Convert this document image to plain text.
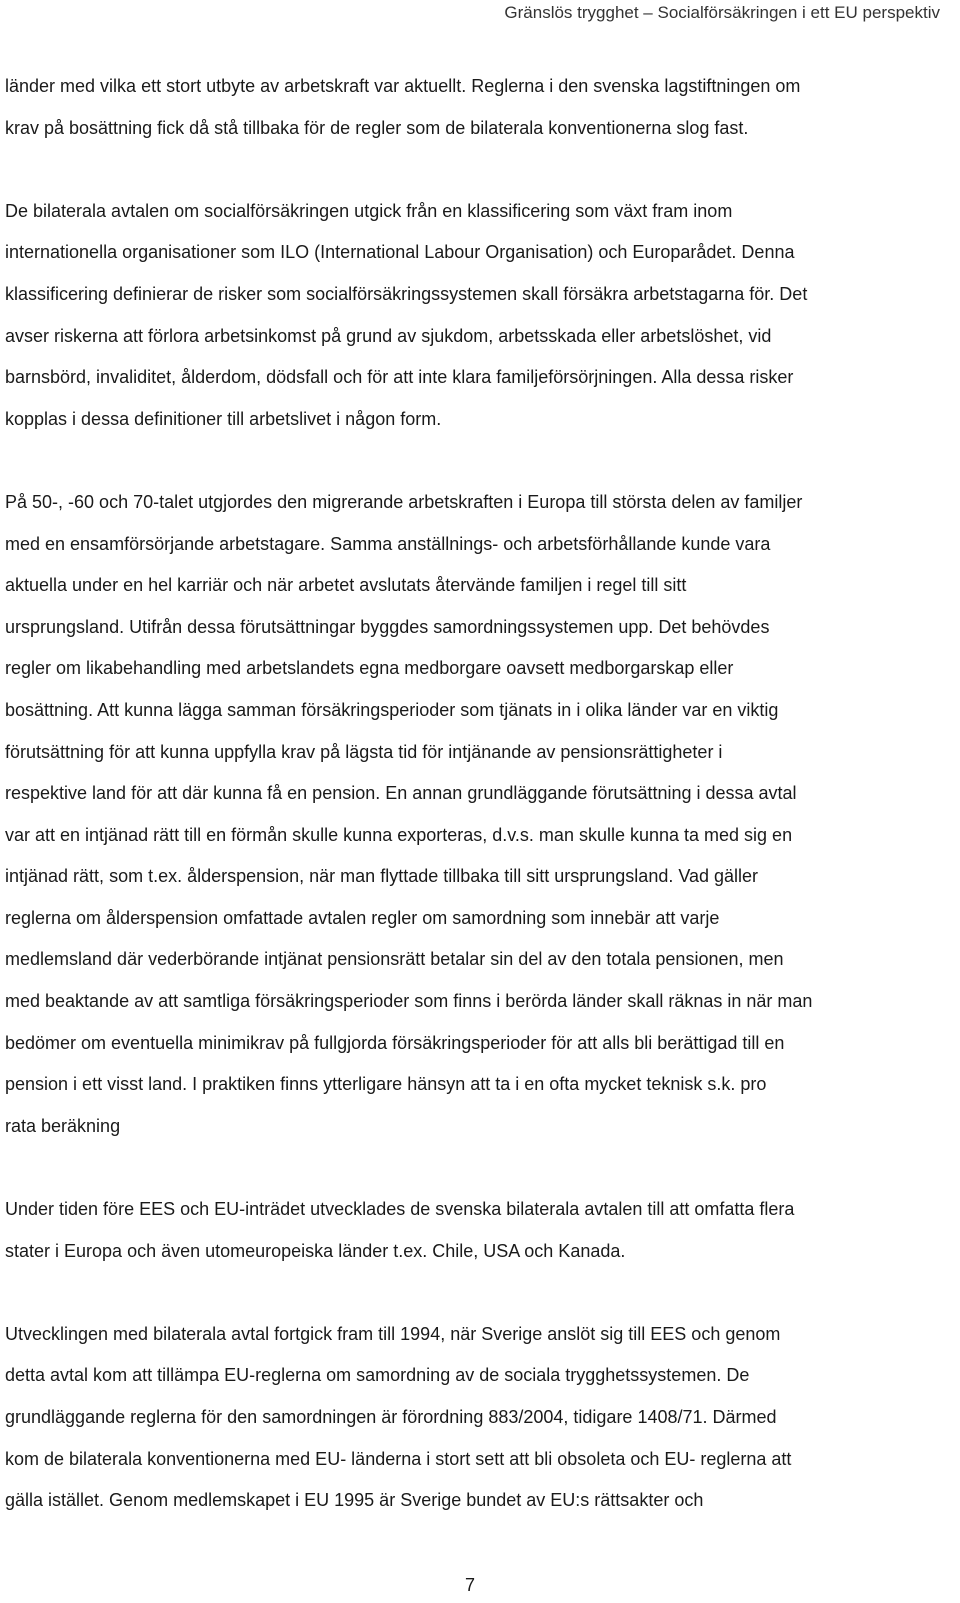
Gränslös trygghet – Socialförsäkringen i ett EU perspektiv
länder med vilka ett stort utbyte av arbetskraft var aktuellt. Reglerna i den svenska lagstiftningen om
krav på bosättning fick då stå tillbaka för de regler som de bilaterala konventionerna slog fast.
De bilaterala avtalen om socialförsäkringen utgick från en klassificering som växt fram inom
internationella organisationer som ILO (International Labour Organisation) och Europarådet. Denna
klassificering definierar de risker som socialförsäkringssystemen skall försäkra arbetstagarna för. Det
avser riskerna att förlora arbetsinkomst på grund av sjukdom, arbetsskada eller arbetslöshet, vid
barnsbörd, invaliditet, ålderdom, dödsfall och för att inte klara familjeförsörjningen. Alla dessa risker
kopplas i dessa definitioner till arbetslivet i någon form.
På 50-, -60 och 70-talet utgjordes den migrerande arbetskraften i Europa till största delen av familjer
med en ensamförsörjande arbetstagare. Samma anställnings- och arbetsförhållande kunde vara
aktuella under en hel karriär och när arbetet avslutats återvände familjen i regel till sitt
ursprungsland. Utifrån dessa förutsättningar byggdes samordningssystemen upp. Det behövdes
regler om likabehandling med arbetslandets egna medborgare oavsett medborgarskap eller
bosättning. Att kunna lägga samman försäkringsperioder som tjänats in i olika länder var en viktig
förutsättning för att kunna uppfylla krav på lägsta tid för intjänande av pensionsrättigheter i
respektive land för att där kunna få en pension. En annan grundläggande förutsättning i dessa avtal
var att en intjänad rätt till en förmån skulle kunna exporteras, d.v.s. man skulle kunna ta med sig en
intjänad rätt, som t.ex. ålderspension, när man flyttade tillbaka till sitt ursprungsland. Vad gäller
reglerna om ålderspension omfattade avtalen regler om samordning som innebär att varje
medlemsland där vederbörande intjänat pensionsrätt betalar sin del av den totala pensionen, men
med beaktande av att samtliga försäkringsperioder som finns i berörda länder skall räknas in när man
bedömer om eventuella minimikrav på fullgjorda försäkringsperioder för att alls bli berättigad till en
pension i ett visst land. I praktiken finns ytterligare hänsyn att ta i en ofta mycket teknisk s.k. pro
rata beräkning
Under tiden före EES och EU-inträdet utvecklades de svenska bilaterala avtalen till att omfatta flera
stater i Europa och även utomeuropeiska länder t.ex. Chile, USA och Kanada.
Utvecklingen med bilaterala avtal fortgick fram till 1994, när Sverige anslöt sig till EES och genom
detta avtal kom att tillämpa EU-reglerna om samordning av de sociala trygghetssystemen. De
grundläggande reglerna för den samordningen är förordning 883/2004, tidigare 1408/71. Därmed
kom de bilaterala konventionerna med EU- länderna i stort sett att bli obsoleta och EU- reglerna att
gälla istället. Genom medlemskapet i EU 1995 är Sverige bundet av EU:s rättsakter och
7
